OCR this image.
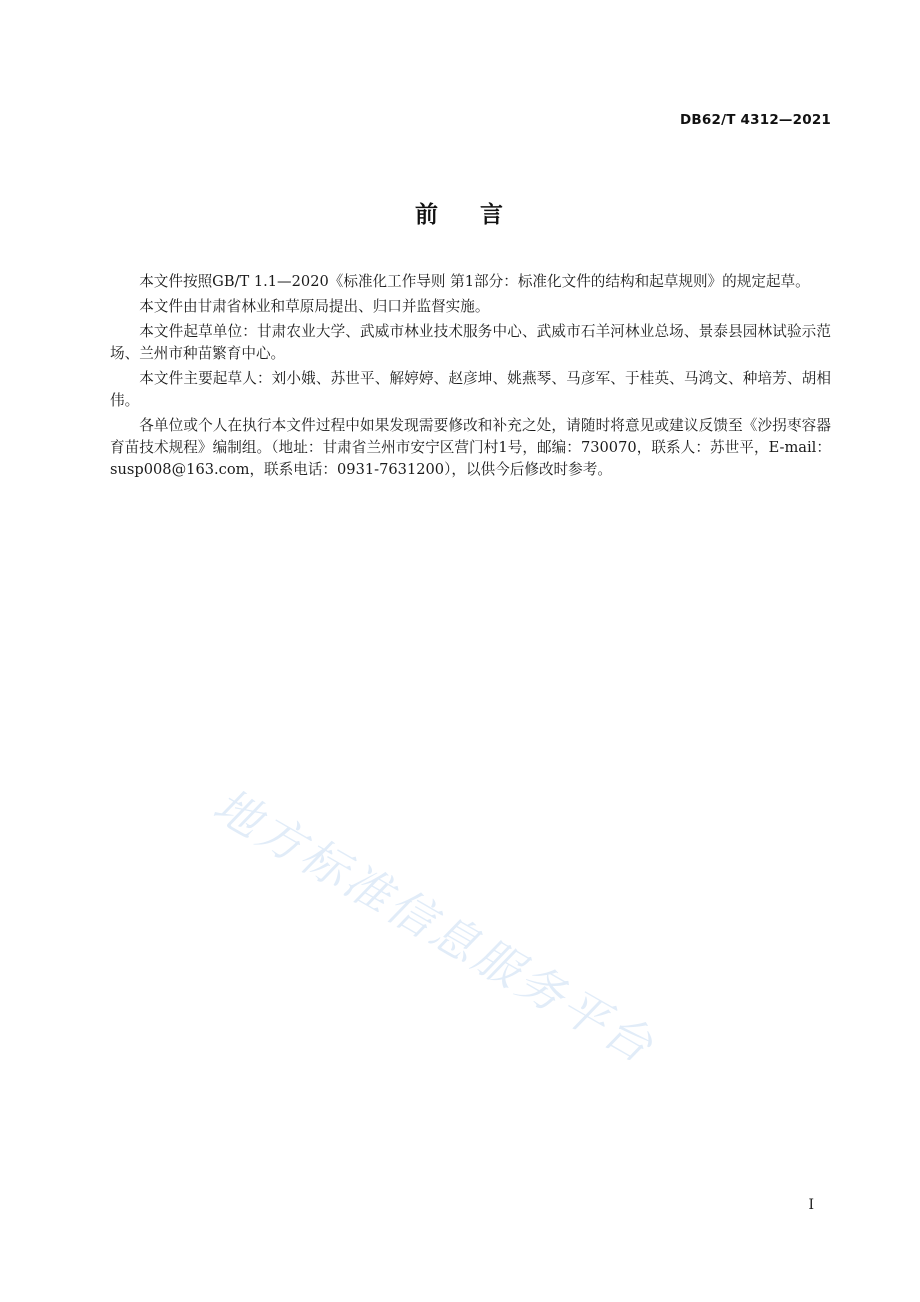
DB62/T 4312—2021
前    言

本文件按照GB/T 1.1—2020《标准化工作导则 第1部分：标准化文件的结构和起草规则》的规定起草。

本文件由甘肃省林业和草原局提出、归口并监督实施。

本文件起草单位：甘肃农业大学、武威市林业技术服务中心、武威市石羊河林业总场、景泰县园林试验示范场、兰州市种苗繁育中心。

本文件主要起草人：刘小娥、苏世平、解婷婷、赵彦坤、姚燕琴、马彦军、于桂英、马鸿文、种培芳、胡相伟。

各单位或个人在执行本文件过程中如果发现需要修改和补充之处，请随时将意见或建议反馈至《沙拐枣容器育苗技术规程》编制组。（地址：甘肃省兰州市安宁区营门村1号，邮编：730070，联系人：苏世平，E-mail：susp008@163.com，联系电话：0931-7631200），以供今后修改时参考。

地方标准信息服务平台
I
